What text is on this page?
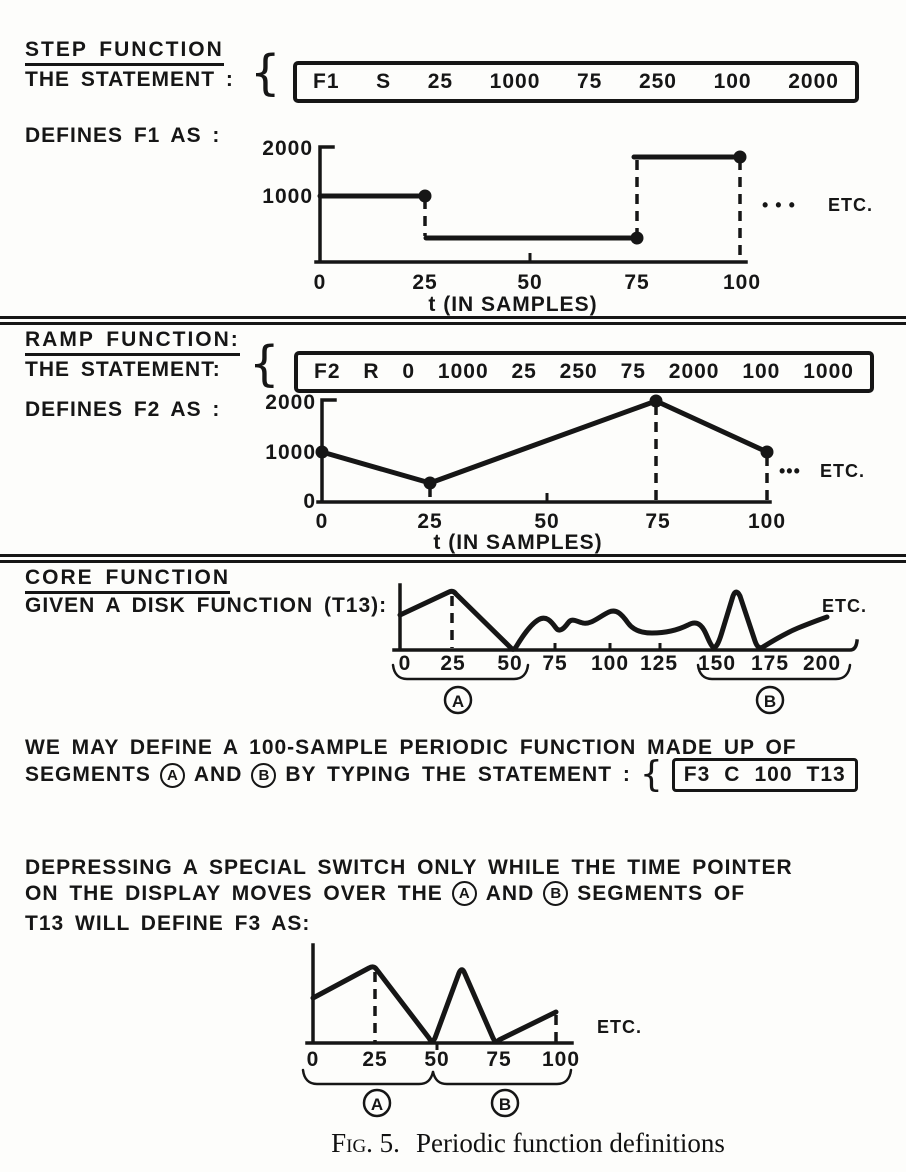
STEP FUNCTION
THE STATEMENT : { F1 S 25 1000 75 250 100 2000
DEFINES F1 AS :
2000
1000
0	25	50	75	100
• • • ETC.
t (IN SAMPLES)
RAMP FUNCTION:
THE STATEMENT: { F2 R 0 1000 25 250 75 2000 100 1000
DEFINES F2 AS : 2000
1000
0
0	25	50	75	100
••• ETC.
t (IN SAMPLES)
CORE FUNCTION
GIVEN A DISK FUNCTION (T13):
0 25 50 75 100 125 150 175 200
A	B
ETC.
WE MAY DEFINE A 100-SAMPLE PERIODIC FUNCTION MADE UP OF
SEGMENTS	A AND	B BY TYPING THE STATEMENT : { F3 C 100 T13
DEPRESSING A SPECIAL SWITCH ONLY WHILE THE TIME POINTER
ON THE DISPLAY MOVES OVER THE	A AND	B SEGMENTS OF
T13 WILL DEFINE F3 AS:
0 25 50 75 100
A	B
ETC.
Fig. 5. Periodic function definitions
